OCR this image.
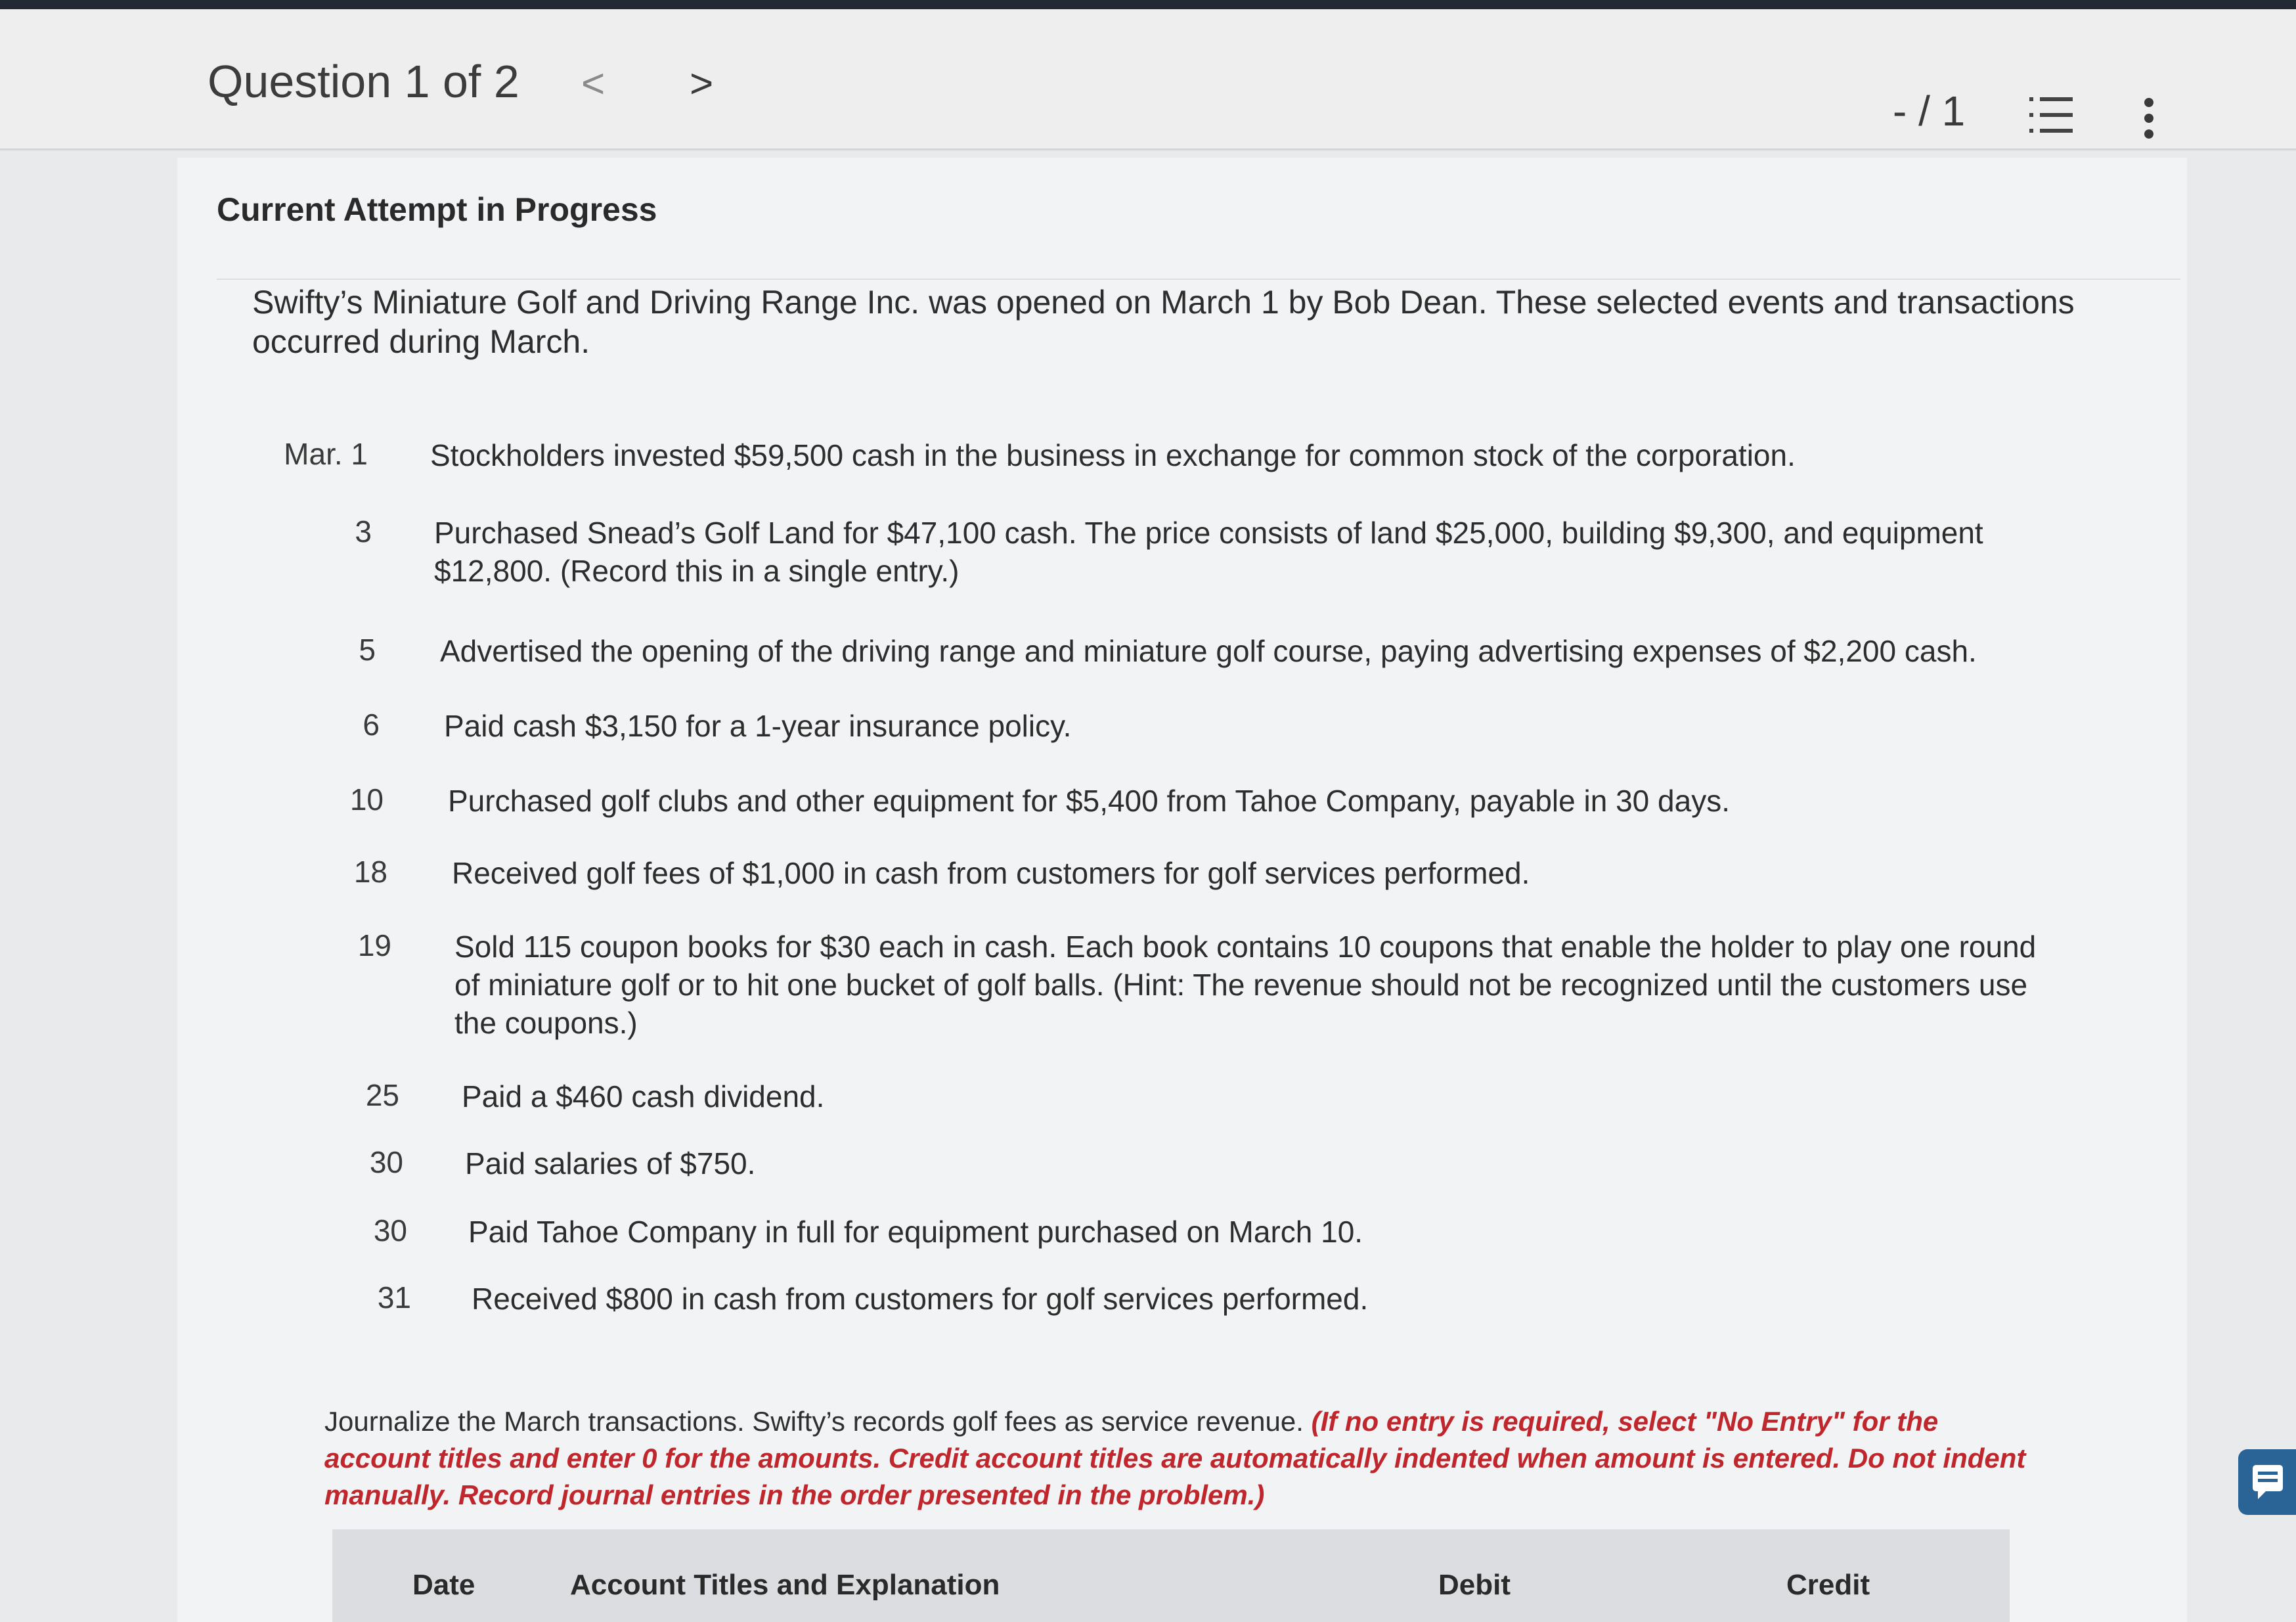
Question 1 of 2 < >
- / 1
Current Attempt in Progress
Swifty’s Miniature Golf and Driving Range Inc. was opened on March 1 by Bob Dean. These selected events and transactions occurred during March.
Mar. 1 Stockholders invested $59,500 cash in the business in exchange for common stock of the corporation.
3 Purchased Snead’s Golf Land for $47,100 cash. The price consists of land $25,000, building $9,300, and equipment $12,800. (Record this in a single entry.)
5 Advertised the opening of the driving range and miniature golf course, paying advertising expenses of $2,200 cash.
6 Paid cash $3,150 for a 1-year insurance policy.
10 Purchased golf clubs and other equipment for $5,400 from Tahoe Company, payable in 30 days.
18 Received golf fees of $1,000 in cash from customers for golf services performed.
19 Sold 115 coupon books for $30 each in cash. Each book contains 10 coupons that enable the holder to play one round of miniature golf or to hit one bucket of golf balls. (Hint: The revenue should not be recognized until the customers use the coupons.)
25 Paid a $460 cash dividend.
30 Paid salaries of $750.
30 Paid Tahoe Company in full for equipment purchased on March 10.
31 Received $800 in cash from customers for golf services performed.
Journalize the March transactions. Swifty’s records golf fees as service revenue. (If no entry is required, select "No Entry" for the account titles and enter 0 for the amounts. Credit account titles are automatically indented when amount is entered. Do not indent manually. Record journal entries in the order presented in the problem.)
Date	Account Titles and Explanation	Debit	Credit
